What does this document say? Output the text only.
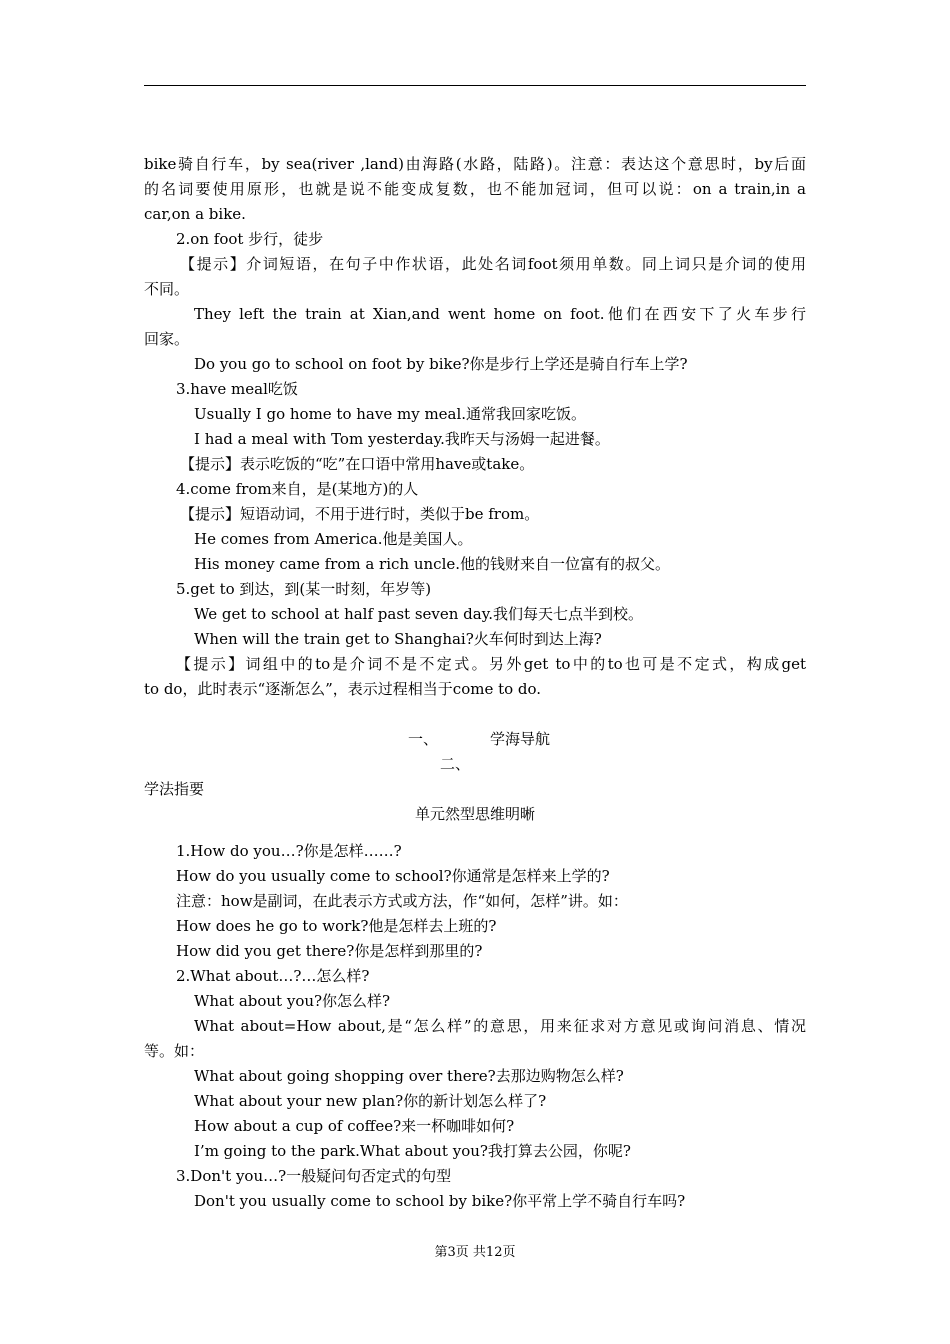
bike骑自行车，by sea(river ,land)由海路(水路，陆路)。注意：表达这个意思时，by后面
的名词要使用原形，也就是说不能变成复数，也不能加冠词，但可以说：on a train,in a
car,on a bike.
2.on foot 步行，徒步
【提示】介词短语，在句子中作状语，此处名词foot须用单数。同上词只是介词的使用
不同。
They left the train at Xian,and went home on foot.他们在西安下了火车步行
回家。
Do you go to school on foot by bike?你是步行上学还是骑自行车上学?
3.have meal吃饭
Usually I go home to have my meal.通常我回家吃饭。
I had a meal with Tom yesterday.我昨天与汤姆一起进餐。
【提示】表示吃饭的“吃”在口语中常用have或take。
4.come from来自，是(某地方)的人
【提示】短语动词，不用于进行时，类似于be from。
He comes from America.他是美国人。
His money came from a rich uncle.他的钱财来自一位富有的叔父。
5.get to 到达，到(某一时刻，年岁等)
We get to school at half past seven day.我们每天七点半到校。
When will the train get to Shanghai?火车何时到达上海?
【提示】词组中的to是介词不是不定式。另外get to中的to也可是不定式，构成get
to do，此时表示“逐渐怎么”，表示过程相当于come to do.
一、	学海导航
二、
学法指要
单元然型思维明晰
1.How do you…?你是怎样……?
How do you usually come to school?你通常是怎样来上学的?
注意：how是副词，在此表示方式或方法，作“如何，怎样”讲。如：
How does he go to work?他是怎样去上班的?
How did you get there?你是怎样到那里的?
2.What about…?…怎么样?
What about you?你怎么样?
What about=How about,是“怎么样”的意思，用来征求对方意见或询问消息、情况
等。如：
What about going shopping over there?去那边购物怎么样?
What about your new plan?你的新计划怎么样了?
How about a cup of coffee?来一杯咖啡如何?
I’m going to the park.What about you?我打算去公园，你呢?
3.Don't you…?一般疑问句否定式的句型
Don't you usually come to school by bike?你平常上学不骑自行车吗?
第3页 共12页
